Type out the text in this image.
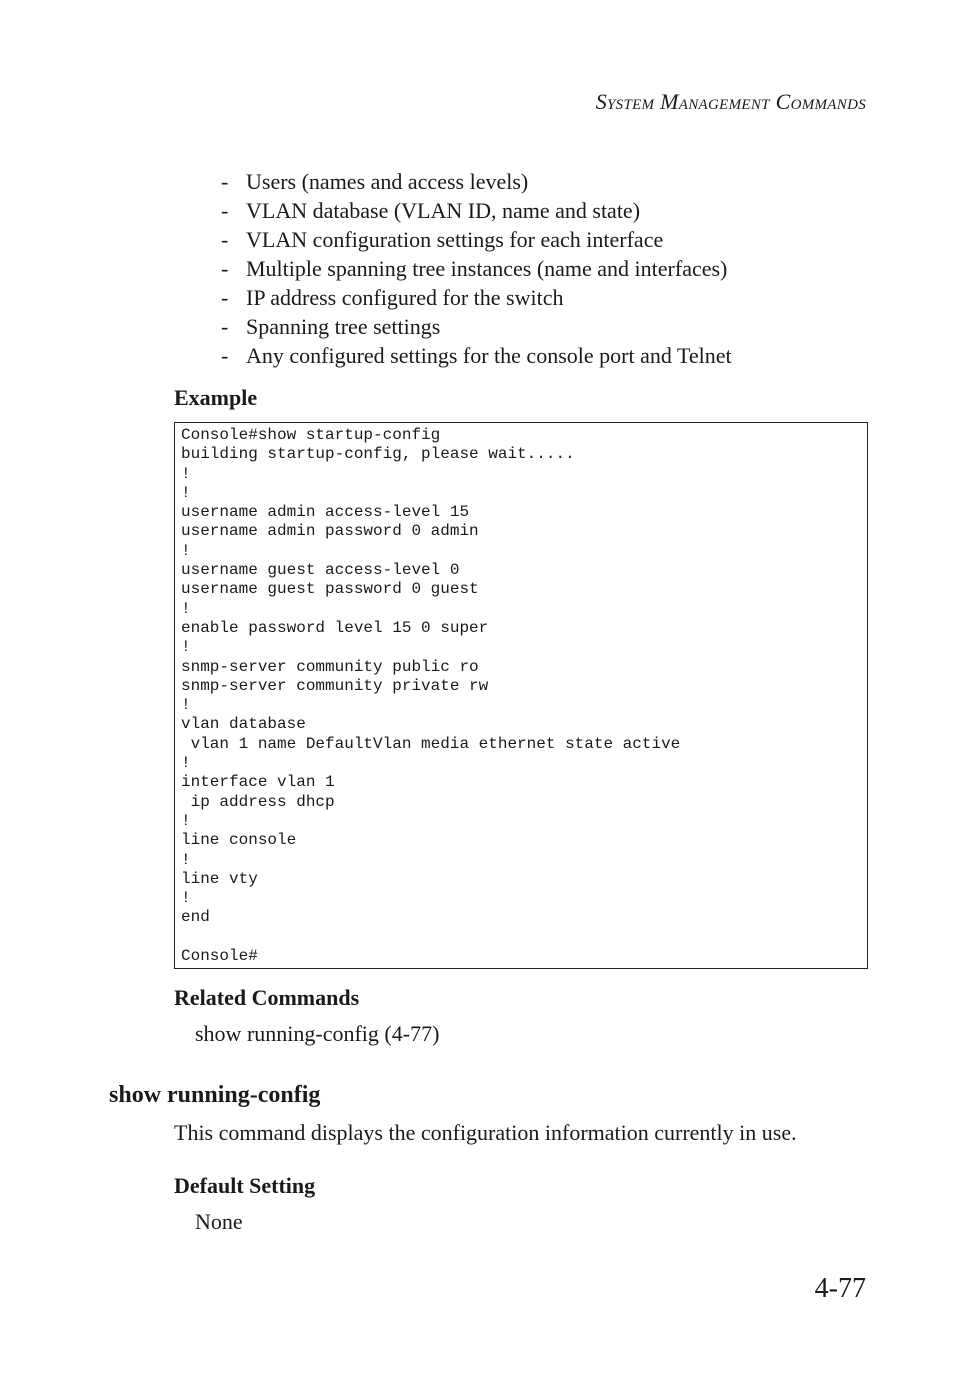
System Management Commands
- Users (names and access levels)
- VLAN database (VLAN ID, name and state)
- VLAN configuration settings for each interface
- Multiple spanning tree instances (name and interfaces)
- IP address configured for the switch
- Spanning tree settings
- Any configured settings for the console port and Telnet
Example
Console#show startup-config
building startup-config, please wait.....
!
!
username admin access-level 15
username admin password 0 admin
!
username guest access-level 0
username guest password 0 guest
!
enable password level 15 0 super
!
snmp-server community public ro
snmp-server community private rw
!
vlan database
vlan 1 name DefaultVlan media ethernet state active
!
interface vlan 1
ip address dhcp
!
line console
!
line vty
!
end
Console#
Related Commands
show running-config (4-77)
show running-config
This command displays the configuration information currently in use.
Default Setting
None
4-77
